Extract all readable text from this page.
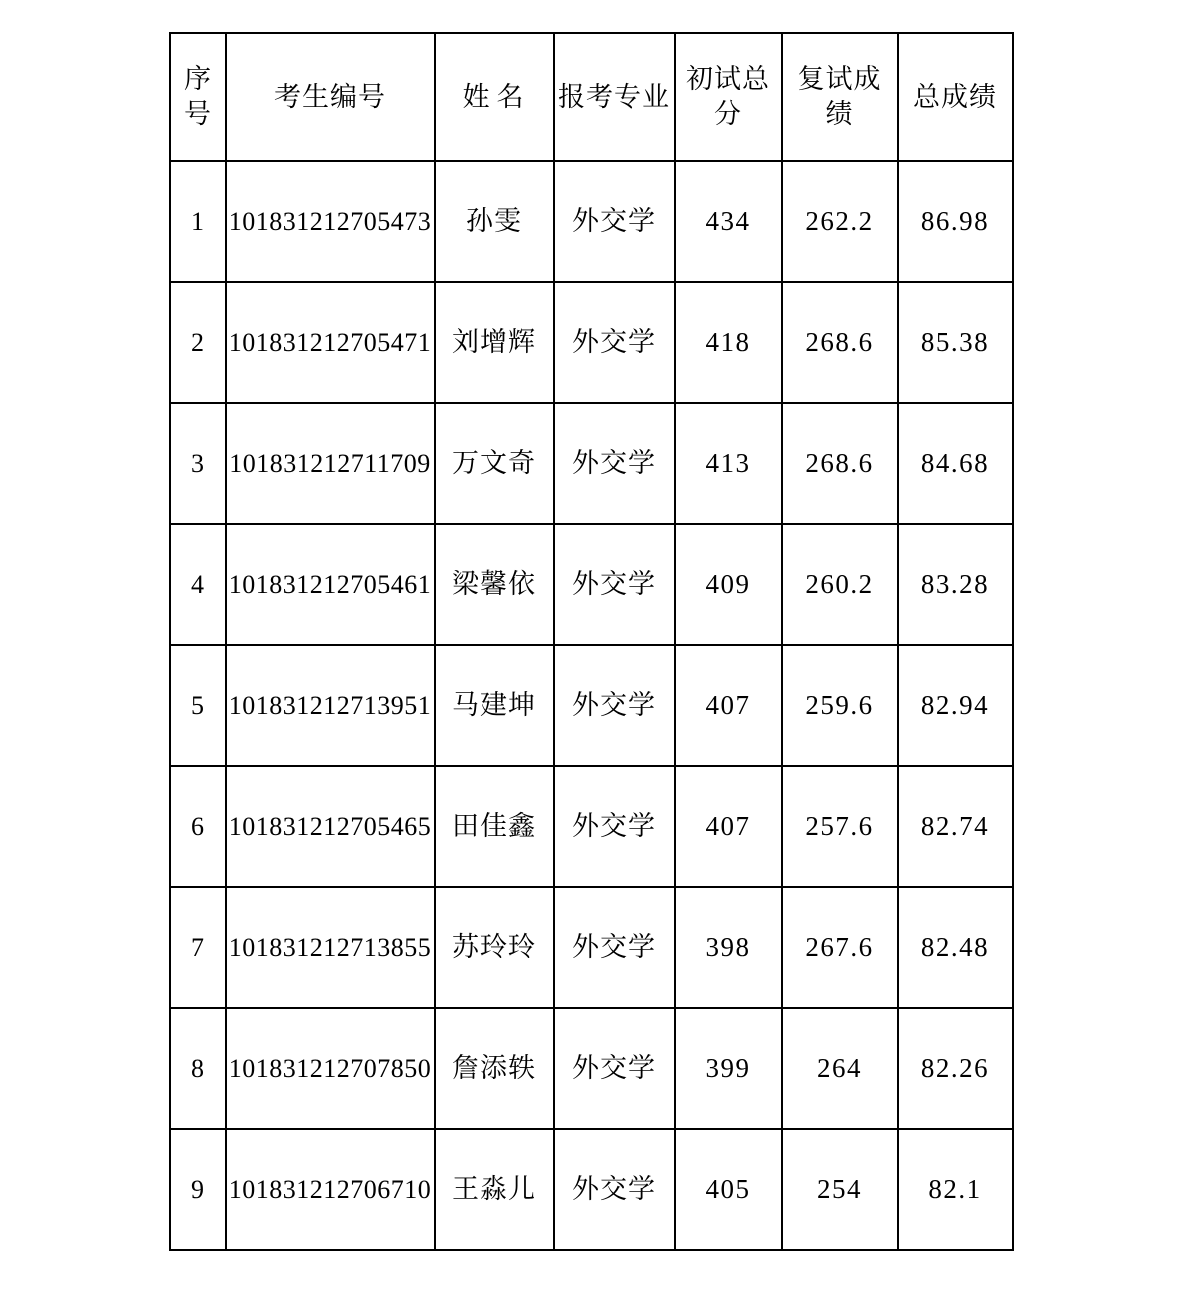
序号	考生编号	姓名	报考专业	初试总分	复试成绩	总成绩
1	101831212705473	孙雯	外交学	434	262.2	86.98
2	101831212705471	刘增辉	外交学	418	268.6	85.38
3	101831212711709	万文奇	外交学	413	268.6	84.68
4	101831212705461	梁馨依	外交学	409	260.2	83.28
5	101831212713951	马建坤	外交学	407	259.6	82.94
6	101831212705465	田佳鑫	外交学	407	257.6	82.74
7	101831212713855	苏玲玲	外交学	398	267.6	82.48
8	101831212707850	詹添轶	外交学	399	264	82.26
9	101831212706710	王淼儿	外交学	405	254	82.1
